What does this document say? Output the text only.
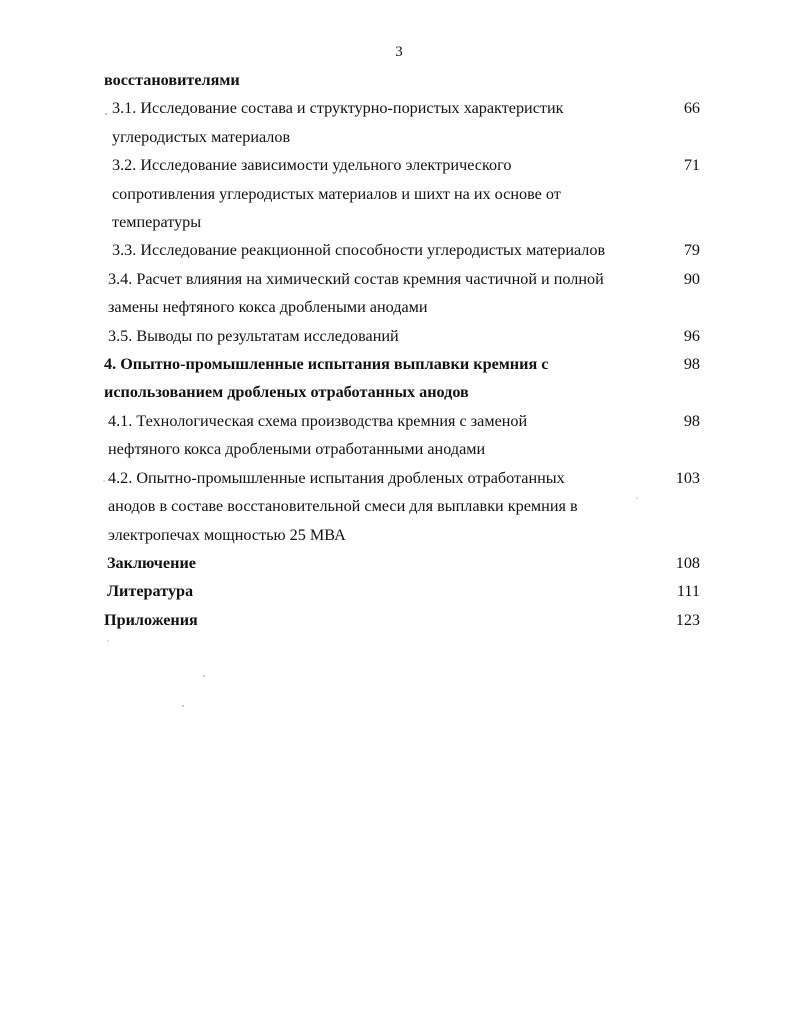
3
восстановителями
3.1. Исследование состава и структурно-пористых характеристик
углеродистых материалов
66
3.2. Исследование зависимости удельного электрического
сопротивления углеродистых материалов и шихт на их основе от
температуры
71
3.3. Исследование реакционной способности углеродистых материалов	79
3.4. Расчет влияния на химический состав кремния частичной и полной
замены нефтяного кокса дроблеными анодами
90
3.5. Выводы по результатам исследований	96
4. Опытно-промышленные испытания выплавки кремния с
использованием дробленых отработанных анодов
98
4.1. Технологическая схема производства кремния с заменой
нефтяного кокса дроблеными отработанными анодами
98
4.2. Опытно-промышленные испытания дробленых отработанных
анодов в составе восстановительной смеси для выплавки кремния в
электропечах мощностью 25 МВА
103
Заключение	108
Литература	111
Приложения	123
